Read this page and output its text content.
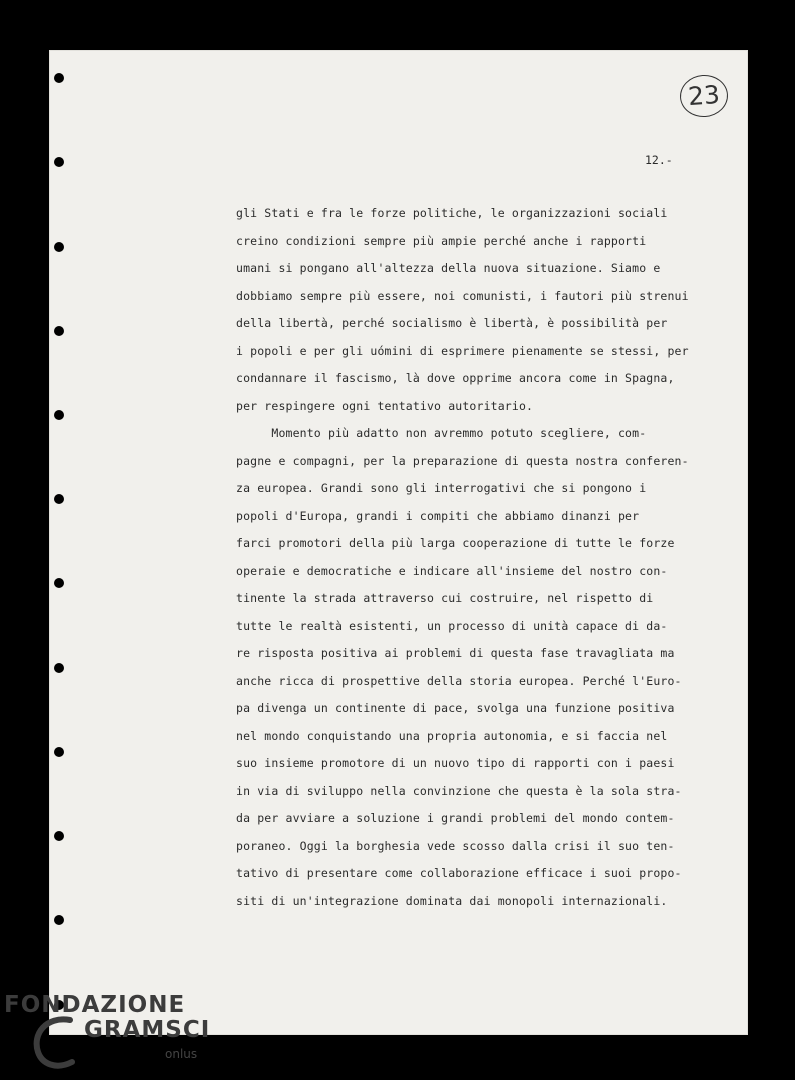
23
12.-
gli Stati e fra le forze politiche, le organizzazioni sociali
creino condizioni sempre più ampie perché anche i rapporti
umani si pongano all'altezza della nuova situazione. Siamo e
dobbiamo sempre più essere, noi comunisti, i fautori più strenui
della libertà, perché socialismo è libertà, è possibilità per
i popoli e per gli uómini di esprimere pienamente se stessi, per
condannare il fascismo, là dove opprime ancora come in Spagna,
per respingere ogni tentativo autoritario.
Momento più adatto non avremmo potuto scegliere, com-
pagne e compagni, per la preparazione di questa nostra conferen-
za europea. Grandi sono gli interrogativi che si pongono i
popoli d'Europa, grandi i compiti che abbiamo dinanzi per
farci promotori della più larga cooperazione di tutte le forze
operaie e democratiche e indicare all'insieme del nostro con-
tinente la strada attraverso cui costruire, nel rispetto di
tutte le realtà esistenti, un processo di unità capace di da-
re risposta positiva ai problemi di questa fase travagliata ma
anche ricca di prospettive della storia europea. Perché l'Euro-
pa divenga un continente di pace, svolga una funzione positiva
nel mondo conquistando una propria autonomia, e si faccia nel
suo insieme promotore di un nuovo tipo di rapporti con i paesi
in via di sviluppo nella convinzione che questa è la sola stra-
da per avviare a soluzione i grandi problemi del mondo contem-
poraneo. Oggi la borghesia vede scosso dalla crisi il suo ten-
tativo di presentare come collaborazione efficace i suoi propo-
siti di un'integrazione dominata dai monopoli internazionali.
FONDAZIONE
GRAMSCI
onlus
